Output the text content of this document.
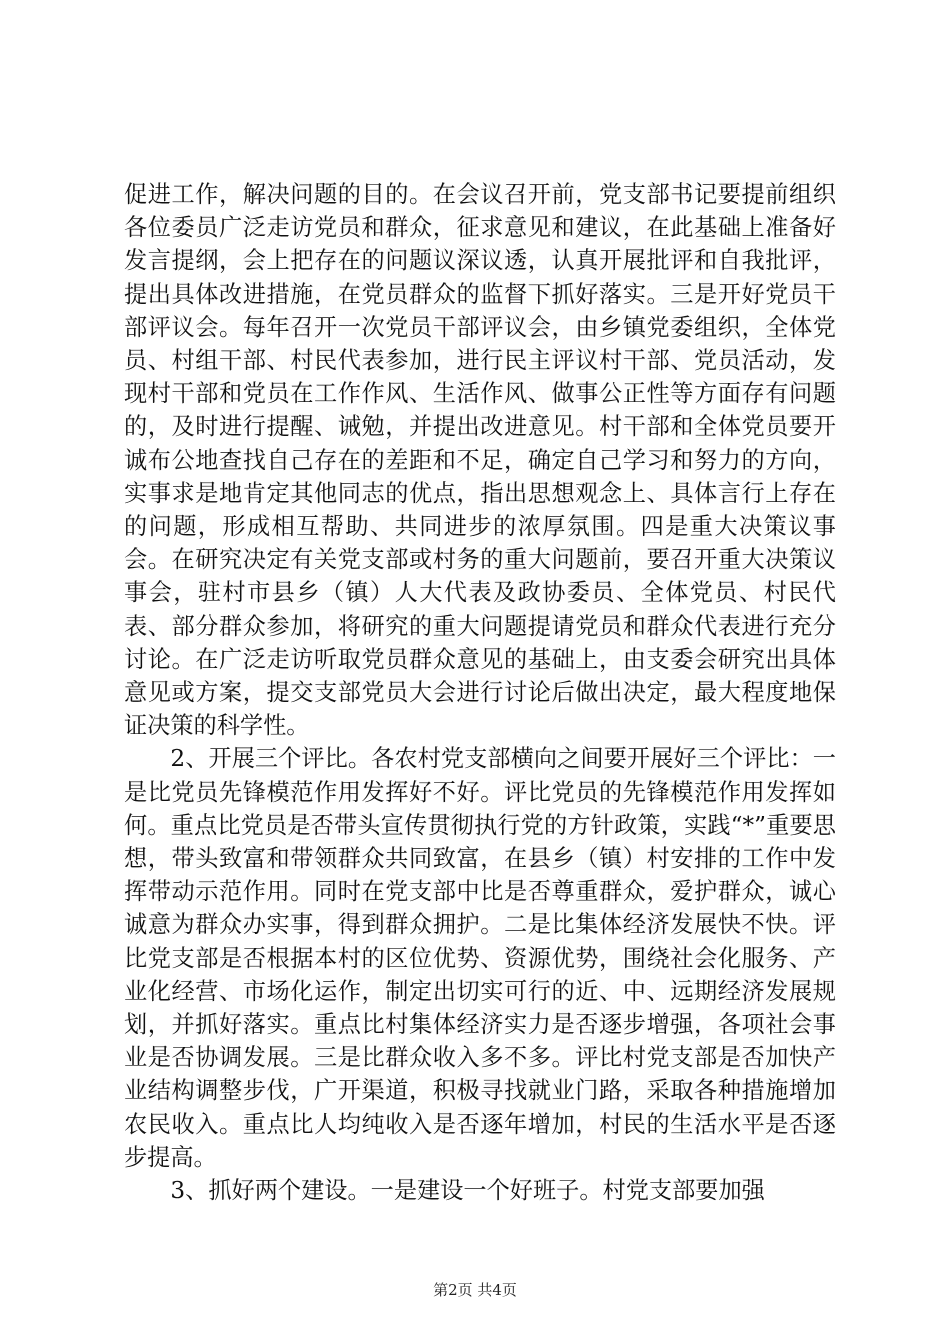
促进工作，解决问题的目的。在会议召开前，党支部书记要提前组织各位委员广泛走访党员和群众，征求意见和建议，在此基础上准备好发言提纲，会上把存在的问题议深议透，认真开展批评和自我批评，提出具体改进措施，在党员群众的监督下抓好落实。三是开好党员干部评议会。每年召开一次党员干部评议会，由乡镇党委组织，全体党员、村组干部、村民代表参加，进行民主评议村干部、党员活动，发现村干部和党员在工作作风、生活作风、做事公正性等方面存有问题的，及时进行提醒、诫勉，并提出改进意见。村干部和全体党员要开诚布公地查找自己存在的差距和不足，确定自己学习和努力的方向，实事求是地肯定其他同志的优点，指出思想观念上、具体言行上存在的问题，形成相互帮助、共同进步的浓厚氛围。四是重大决策议事会。在研究决定有关党支部或村务的重大问题前，要召开重大决策议事会，驻村市县乡（镇）人大代表及政协委员、全体党员、村民代表、部分群众参加，将研究的重大问题提请党员和群众代表进行充分讨论。在广泛走访听取党员群众意见的基础上，由支委会研究出具体意见或方案，提交支部党员大会进行讨论后做出决定，最大程度地保证决策的科学性。

2、开展三个评比。各农村党支部横向之间要开展好三个评比：一是比党员先锋模范作用发挥好不好。评比党员的先锋模范作用发挥如何。重点比党员是否带头宣传贯彻执行党的方针政策，实践“*”重要思想，带头致富和带领群众共同致富，在县乡（镇）村安排的工作中发挥带动示范作用。同时在党支部中比是否尊重群众，爱护群众，诚心诚意为群众办实事，得到群众拥护。二是比集体经济发展快不快。评比党支部是否根据本村的区位优势、资源优势，围绕社会化服务、产业化经营、市场化运作，制定出切实可行的近、中、远期经济发展规划，并抓好落实。重点比村集体经济实力是否逐步增强，各项社会事业是否协调发展。三是比群众收入多不多。评比村党支部是否加快产业结构调整步伐，广开渠道，积极寻找就业门路，采取各种措施增加农民收入。重点比人均纯收入是否逐年增加，村民的生活水平是否逐步提高。

3、抓好两个建设。一是建设一个好班子。村党支部要加强

第2页 共4页
